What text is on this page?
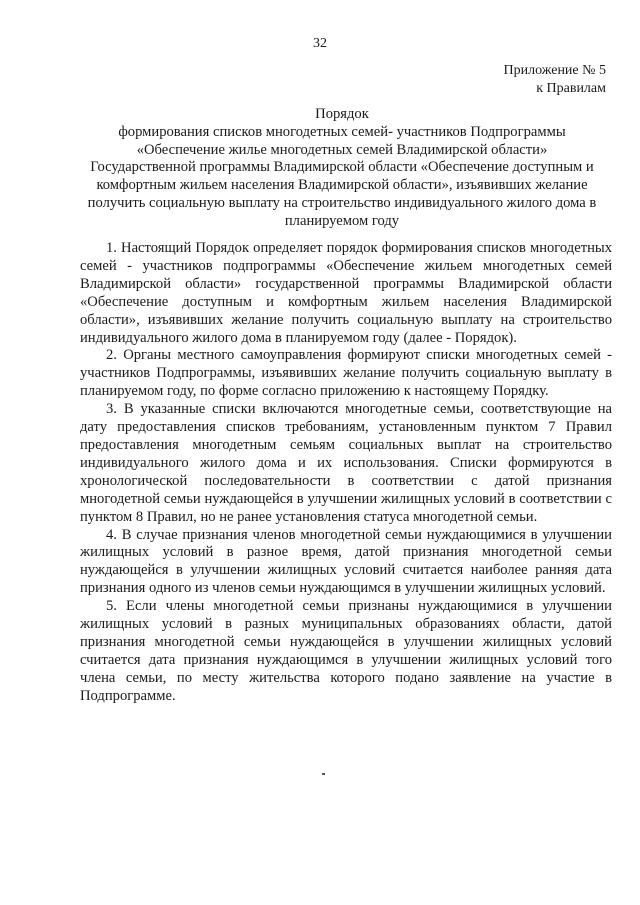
32
Приложение № 5
к Правилам
Порядок
формирования списков многодетных семей- участников Подпрограммы
«Обеспечение жилье многодетных семей Владимирской области»
Государственной программы Владимирской области «Обеспечение доступным и
комфортным жильем населения Владимирской области», изъявивших желание
получить социальную выплату на строительство индивидуального жилого дома в
планируемом году

1. Настоящий Порядок определяет порядок формирования списков многодетных семей - участников подпрограммы «Обеспечение жильем многодетных семей Владимирской области» государственной программы Владимирской области «Обеспечение доступным и комфортным жильем населения Владимирской области», изъявивших желание получить социальную выплату на строительство индивидуального жилого дома в планируемом году (далее - Порядок).

2. Органы местного самоуправления формируют списки многодетных семей - участников Подпрограммы, изъявивших желание получить социальную выплату в планируемом году, по форме согласно приложению к настоящему Порядку.

3. В указанные списки включаются многодетные семьи, соответствующие на дату предоставления списков требованиям, установленным пунктом 7 Правил предоставления многодетным семьям социальных выплат на строительство индивидуального жилого дома и их использования. Списки формируются в хронологической последовательности в соответствии с датой признания многодетной семьи нуждающейся в улучшении жилищных условий в соответствии с пунктом 8 Правил, но не ранее установления статуса многодетной семьи.

4. В случае признания членов многодетной семьи нуждающимися в улучшении жилищных условий в разное время, датой признания многодетной семьи нуждающейся в улучшении жилищных условий считается наиболее ранняя дата признания одного из членов семьи нуждающимся в улучшении жилищных условий.

5. Если члены многодетной семьи признаны нуждающимися в улучшении жилищных условий в разных муниципальных образованиях области, датой признания многодетной семьи нуждающейся в улучшении жилищных условий считается дата признания нуждающимся в улучшении жилищных условий того члена семьи, по месту жительства которого подано заявление на участие в Подпрограмме.
